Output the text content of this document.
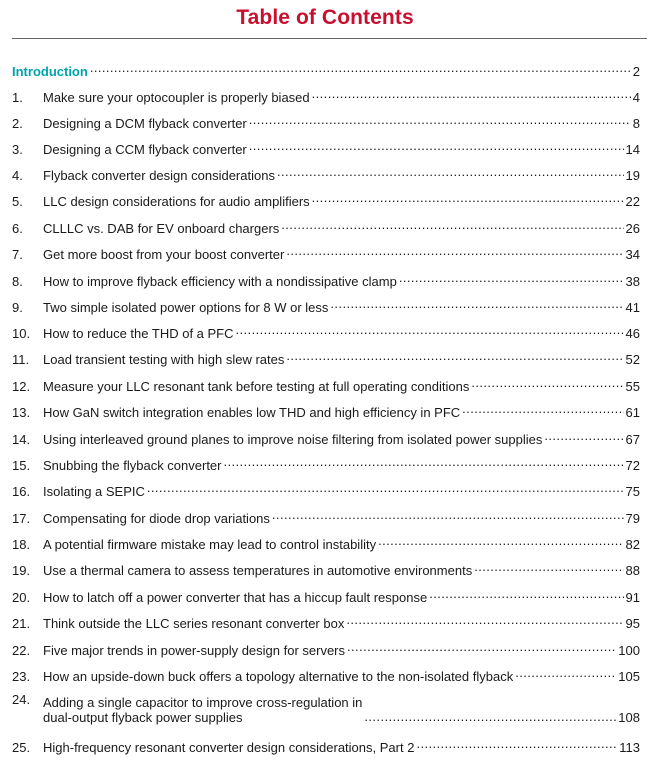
Table of Contents
Introduction .....	2
1.	Make sure your optocoupler is properly biased .....	4
2.	Designing a DCM flyback converter .....	8
3.	Designing a CCM flyback converter .....	14
4.	Flyback converter design considerations .....	19
5.	LLC design considerations for audio amplifiers .....	22
6.	CLLLC vs. DAB for EV onboard chargers .....	26
7.	Get more boost from your boost converter .....	34
8.	How to improve flyback efficiency with a nondissipative clamp .....	38
9.	Two simple isolated power options for 8 W or less .....	41
10. How to reduce the THD of a PFC .....	46
11.	Load transient testing with high slew rates .....	52
12. Measure your LLC resonant tank before testing at full operating conditions .....	55
13. How GaN switch integration enables low THD and high efficiency in PFC .....	61
14. Using interleaved ground planes to improve noise filtering from isolated power supplies .....	67
15. Snubbing the flyback converter .....	72
16. Isolating a SEPIC .....	75
17. Compensating for diode drop variations .....	79
18. A potential firmware mistake may lead to control instability .....	82
19. Use a thermal camera to assess temperatures in automotive environments .....	88
20. How to latch off a power converter that has a hiccup fault response .....	91
21. Think outside the LLC series resonant converter box .....	95
22. Five major trends in power-supply design for servers .....	100
23. How an upside-down buck offers a topology alternative to the non-isolated flyback .....	105
24. Adding a single capacitor to improve cross-regulation in
dual-output flyback power supplies .....	108
25. High-frequency resonant converter design considerations, Part 2 .....	113
